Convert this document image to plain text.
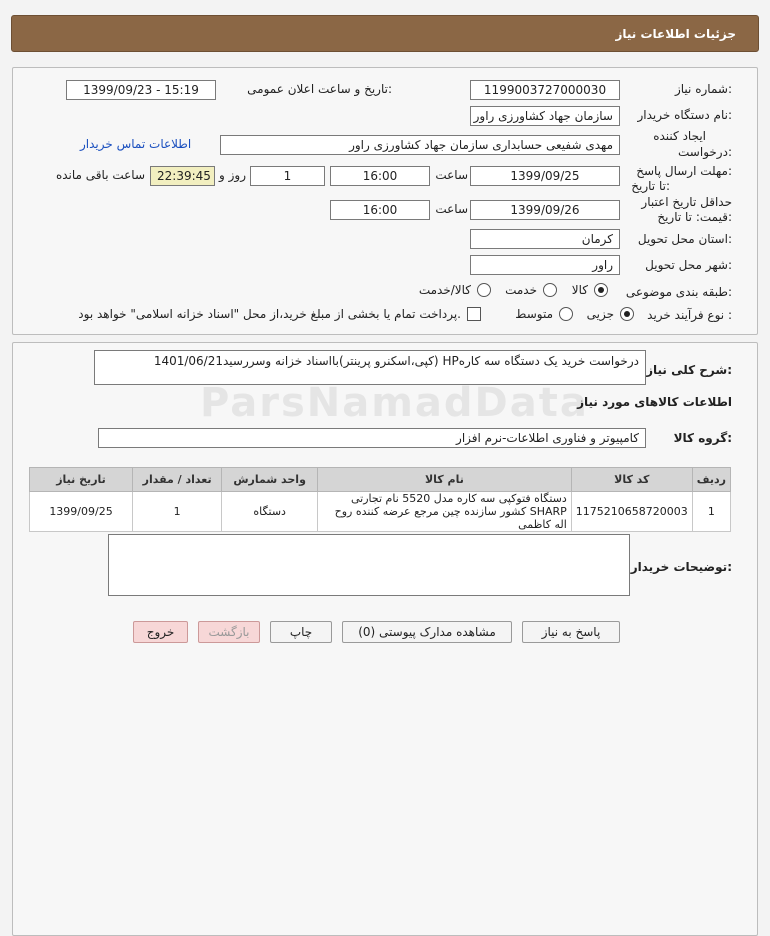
جزئیات اطلاعات نیاز
شماره نیاز:
1199003727000030
تاریخ و ساعت اعلان عمومی:
1399/09/23 - 15:19
نام دستگاه خریدار:
سازمان جهاد کشاورزی راور
ایجاد کننده
درخواست:
مهدی شفیعی حسابداری سازمان جهاد کشاورزی راور
اطلاعات تماس خریدار
مهلت ارسال پاسخ:
تا تاریخ:
1399/09/25
ساعت
16:00
1
روز و
22:39:45
ساعت باقی مانده
حداقل تاریخ اعتبار
قیمت: تا تاریخ:
1399/09/26
ساعت
16:00
استان محل تحویل:
کرمان
شهر محل تحویل:
راور
طبقه بندی موضوعی:
کالا
خدمت
کالا/خدمت
نوع فرآیند خرید :
جزیی
متوسط
پرداخت تمام یا بخشی از مبلغ خرید،از محل "اسناد خزانه اسلامی" خواهد بود.
شرح کلی نیاز:
درخواست خرید یک دستگاه سه کارهHP (کپی،اسکنرو پرینتر)بااسناد خزانه وسررسید1401/06/21
ParsNamadData
اطلاعات کالاهای مورد نیاز
گروه کالا:
کامپیوتر و فناوری اطلاعات-نرم افزار
ردیف	کد کالا	نام کالا	واحد شمارش	تعداد / مقدار	تاریخ نیاز
1	1175210658720003	دستگاه فتوکپی سه کاره مدل 5520 نام تجارتی SHARP کشور سازنده چین مرجع عرضه کننده روح اله کاظمی	دستگاه	1	1399/09/25
توضیحات خریدار:
پاسخ به نیاز
مشاهده مدارک پیوستی (0)
چاپ
بازگشت
خروج
